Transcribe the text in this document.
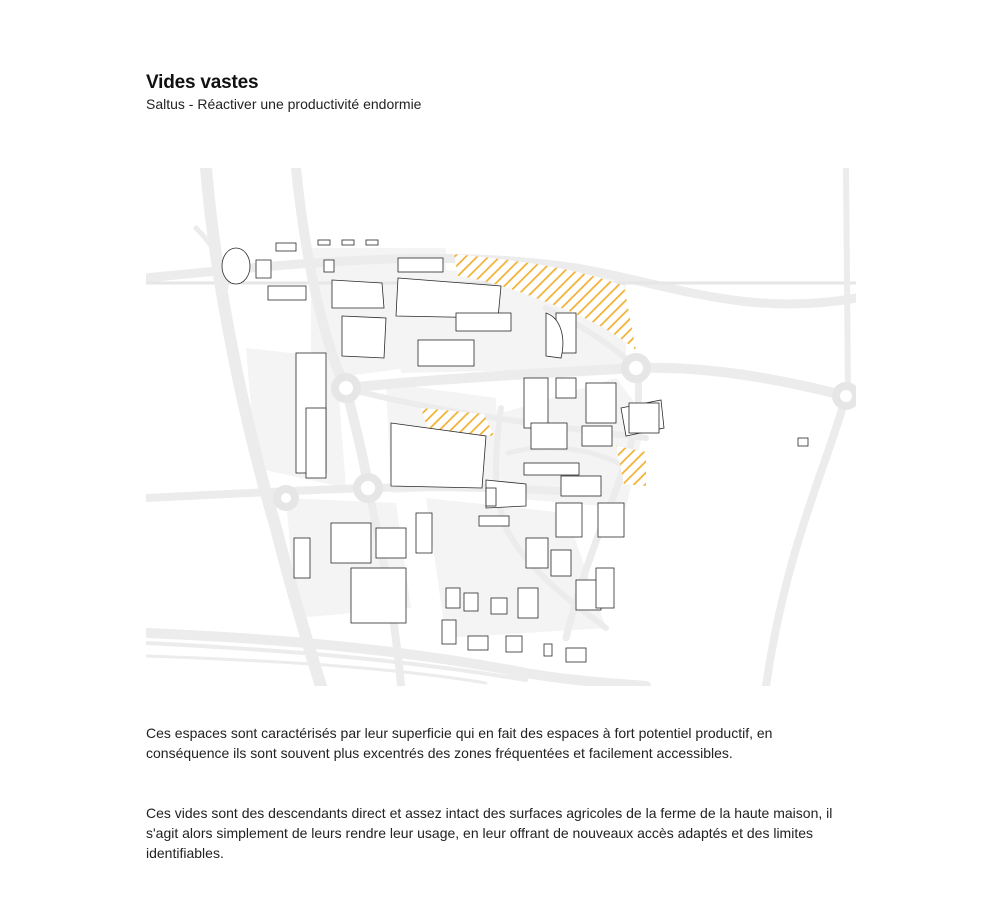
Vides vastes

Saltus - Réactiver une productivité endormie

Ces espaces sont caractérisés par leur superficie qui en fait des espaces à fort potentiel productif, en conséquence ils sont souvent plus excentrés des zones fréquentées et facilement accessibles.

Ces vides sont des descendants direct et assez intact des surfaces agricoles de la ferme de la haute maison, il s'agit alors simplement de leurs rendre leur usage, en leur offrant de nouveaux accès adaptés et des limites identifiables.
